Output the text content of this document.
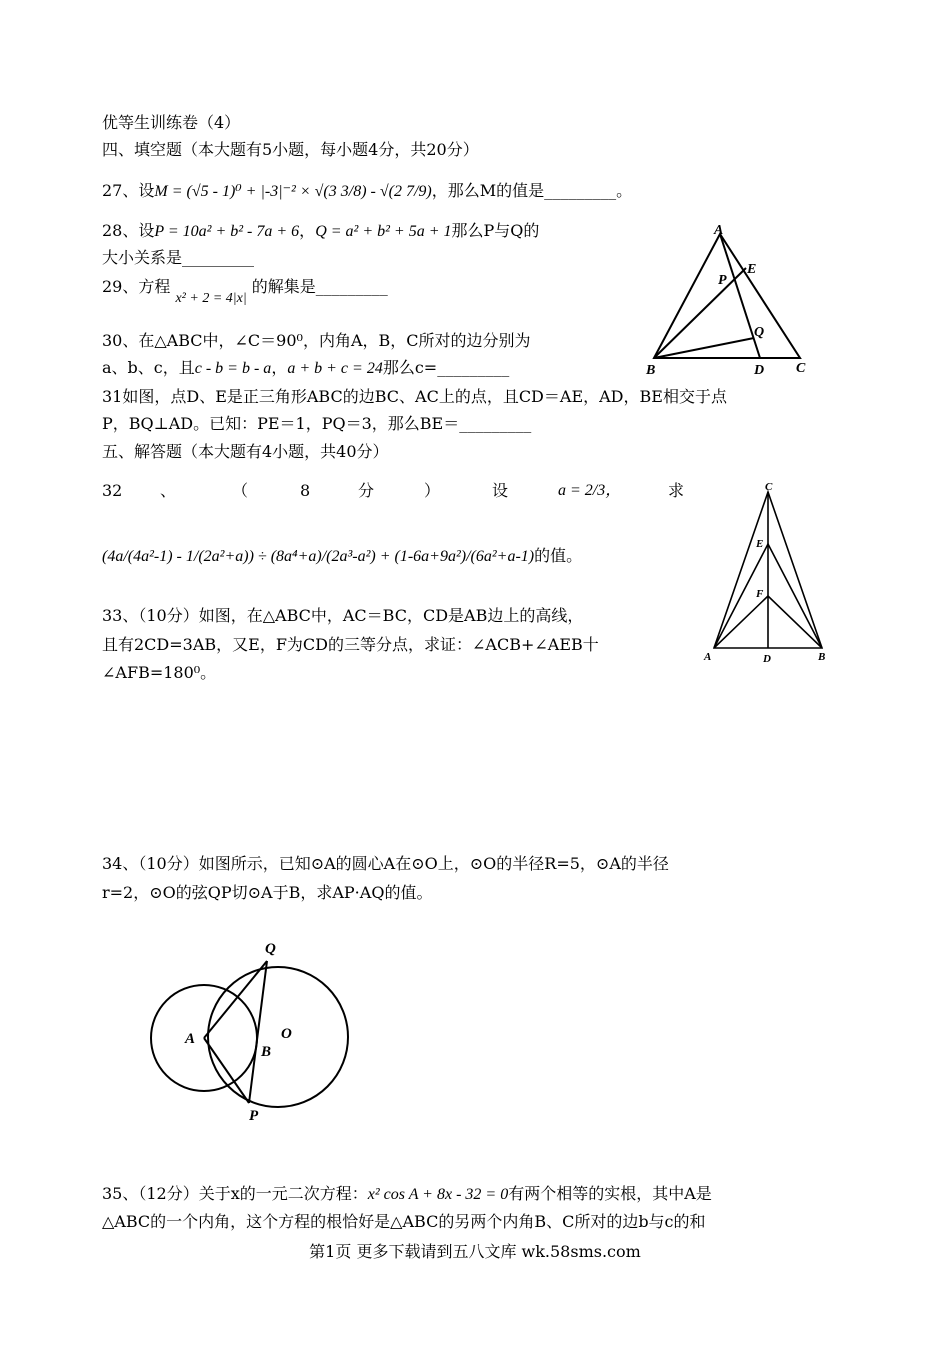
优等生训练卷（4）
四、填空题（本大题有5小题，每小题4分，共20分）
27、设M = (√5 - 1)⁰ + |-3|⁻² × √(3 3/8) - √(2 7/9)，那么M的值是_________。
28、设P = 10a² + b² - 7a + 6，Q = a² + b² + 5a + 1那么P与Q的
大小关系是_________
29、方程 x² + 2 = 4|x| 的解集是_________
30、在△ABC中，∠C＝90⁰，内角A，B，C所对的边分别为
a、b、c，且c - b = b - a，a + b + c = 24那么c=_________
31如图，点D、E是正三角形ABC的边BC、AC上的点，且CD＝AE，AD，BE相交于点
P，BQ⊥AD。已知：PE＝1，PQ＝3，那么BE＝_________
五、解答题（本大题有4小题，共40分）
32 、	（	8	分	）	设	a = 2/3，	求
(4a/(4a²-1) - 1/(2a²+a)) ÷ (8a⁴+a)/(2a³-a²) + (1-6a+9a²)/(6a²+a-1)的值。
33、（10分）如图，在△ABC中，AC＝BC，CD是AB边上的高线，
且有2CD=3AB，又E，F为CD的三等分点，求证：∠ACB+∠AEB十
∠AFB=180⁰。
34、（10分）如图所示，已知⊙A的圆心A在⊙O上，⊙O的半径R=5，⊙A的半径
r=2，⊙O的弦QP切⊙A于B，求AP·AQ的值。
35、（12分）关于x的一元二次方程：x² cos A + 8x - 32 = 0有两个相等的实根，其中A是
△ABC的一个内角，这个方程的根恰好是△ABC的另两个内角B、C所对的边b与c的和
第1页 更多下载请到五八文库 wk.58sms.com
A
E
P
Q
B	D C
C
E
F
A	D	B
Q
A	O
B
P
